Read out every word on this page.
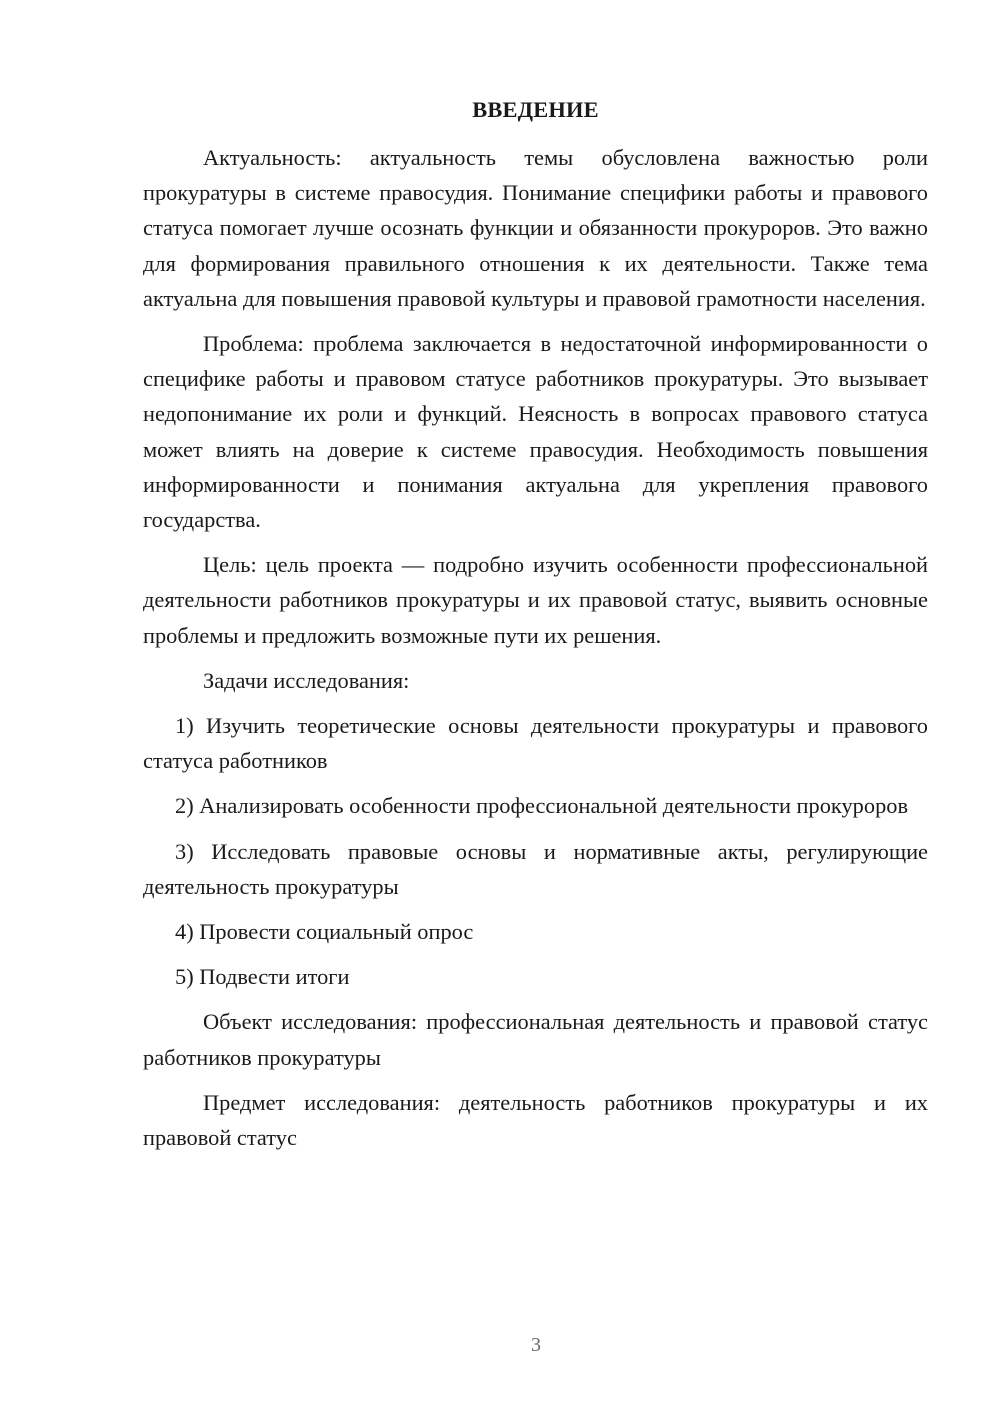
ВВЕДЕНИЕ

Актуальность: актуальность темы обусловлена важностью роли прокуратуры в системе правосудия. Понимание специфики работы и правового статуса помогает лучше осознать функции и обязанности прокуроров. Это важно для формирования правильного отношения к их деятельности. Также тема актуальна для повышения правовой культуры и правовой грамотности населения.

Проблема: проблема заключается в недостаточной информированности о специфике работы и правовом статусе работников прокуратуры. Это вызывает недопонимание их роли и функций. Неясность в вопросах правового статуса может влиять на доверие к системе правосудия. Необходимость повышения информированности и понимания актуальна для укрепления правового государства.

Цель: цель проекта — подробно изучить особенности профессиональной деятельности работников прокуратуры и их правовой статус, выявить основные проблемы и предложить возможные пути их решения.

Задачи исследования:

1) Изучить теоретические основы деятельности прокуратуры и правового статуса работников

2) Анализировать особенности профессиональной деятельности прокуроров

3) Исследовать правовые основы и нормативные акты, регулирующие деятельность прокуратуры

4) Провести социальный опрос

5) Подвести итоги

Объект исследования: профессиональная деятельность и правовой статус работников прокуратуры

Предмет исследования: деятельность работников прокуратуры и их правовой статус

3
